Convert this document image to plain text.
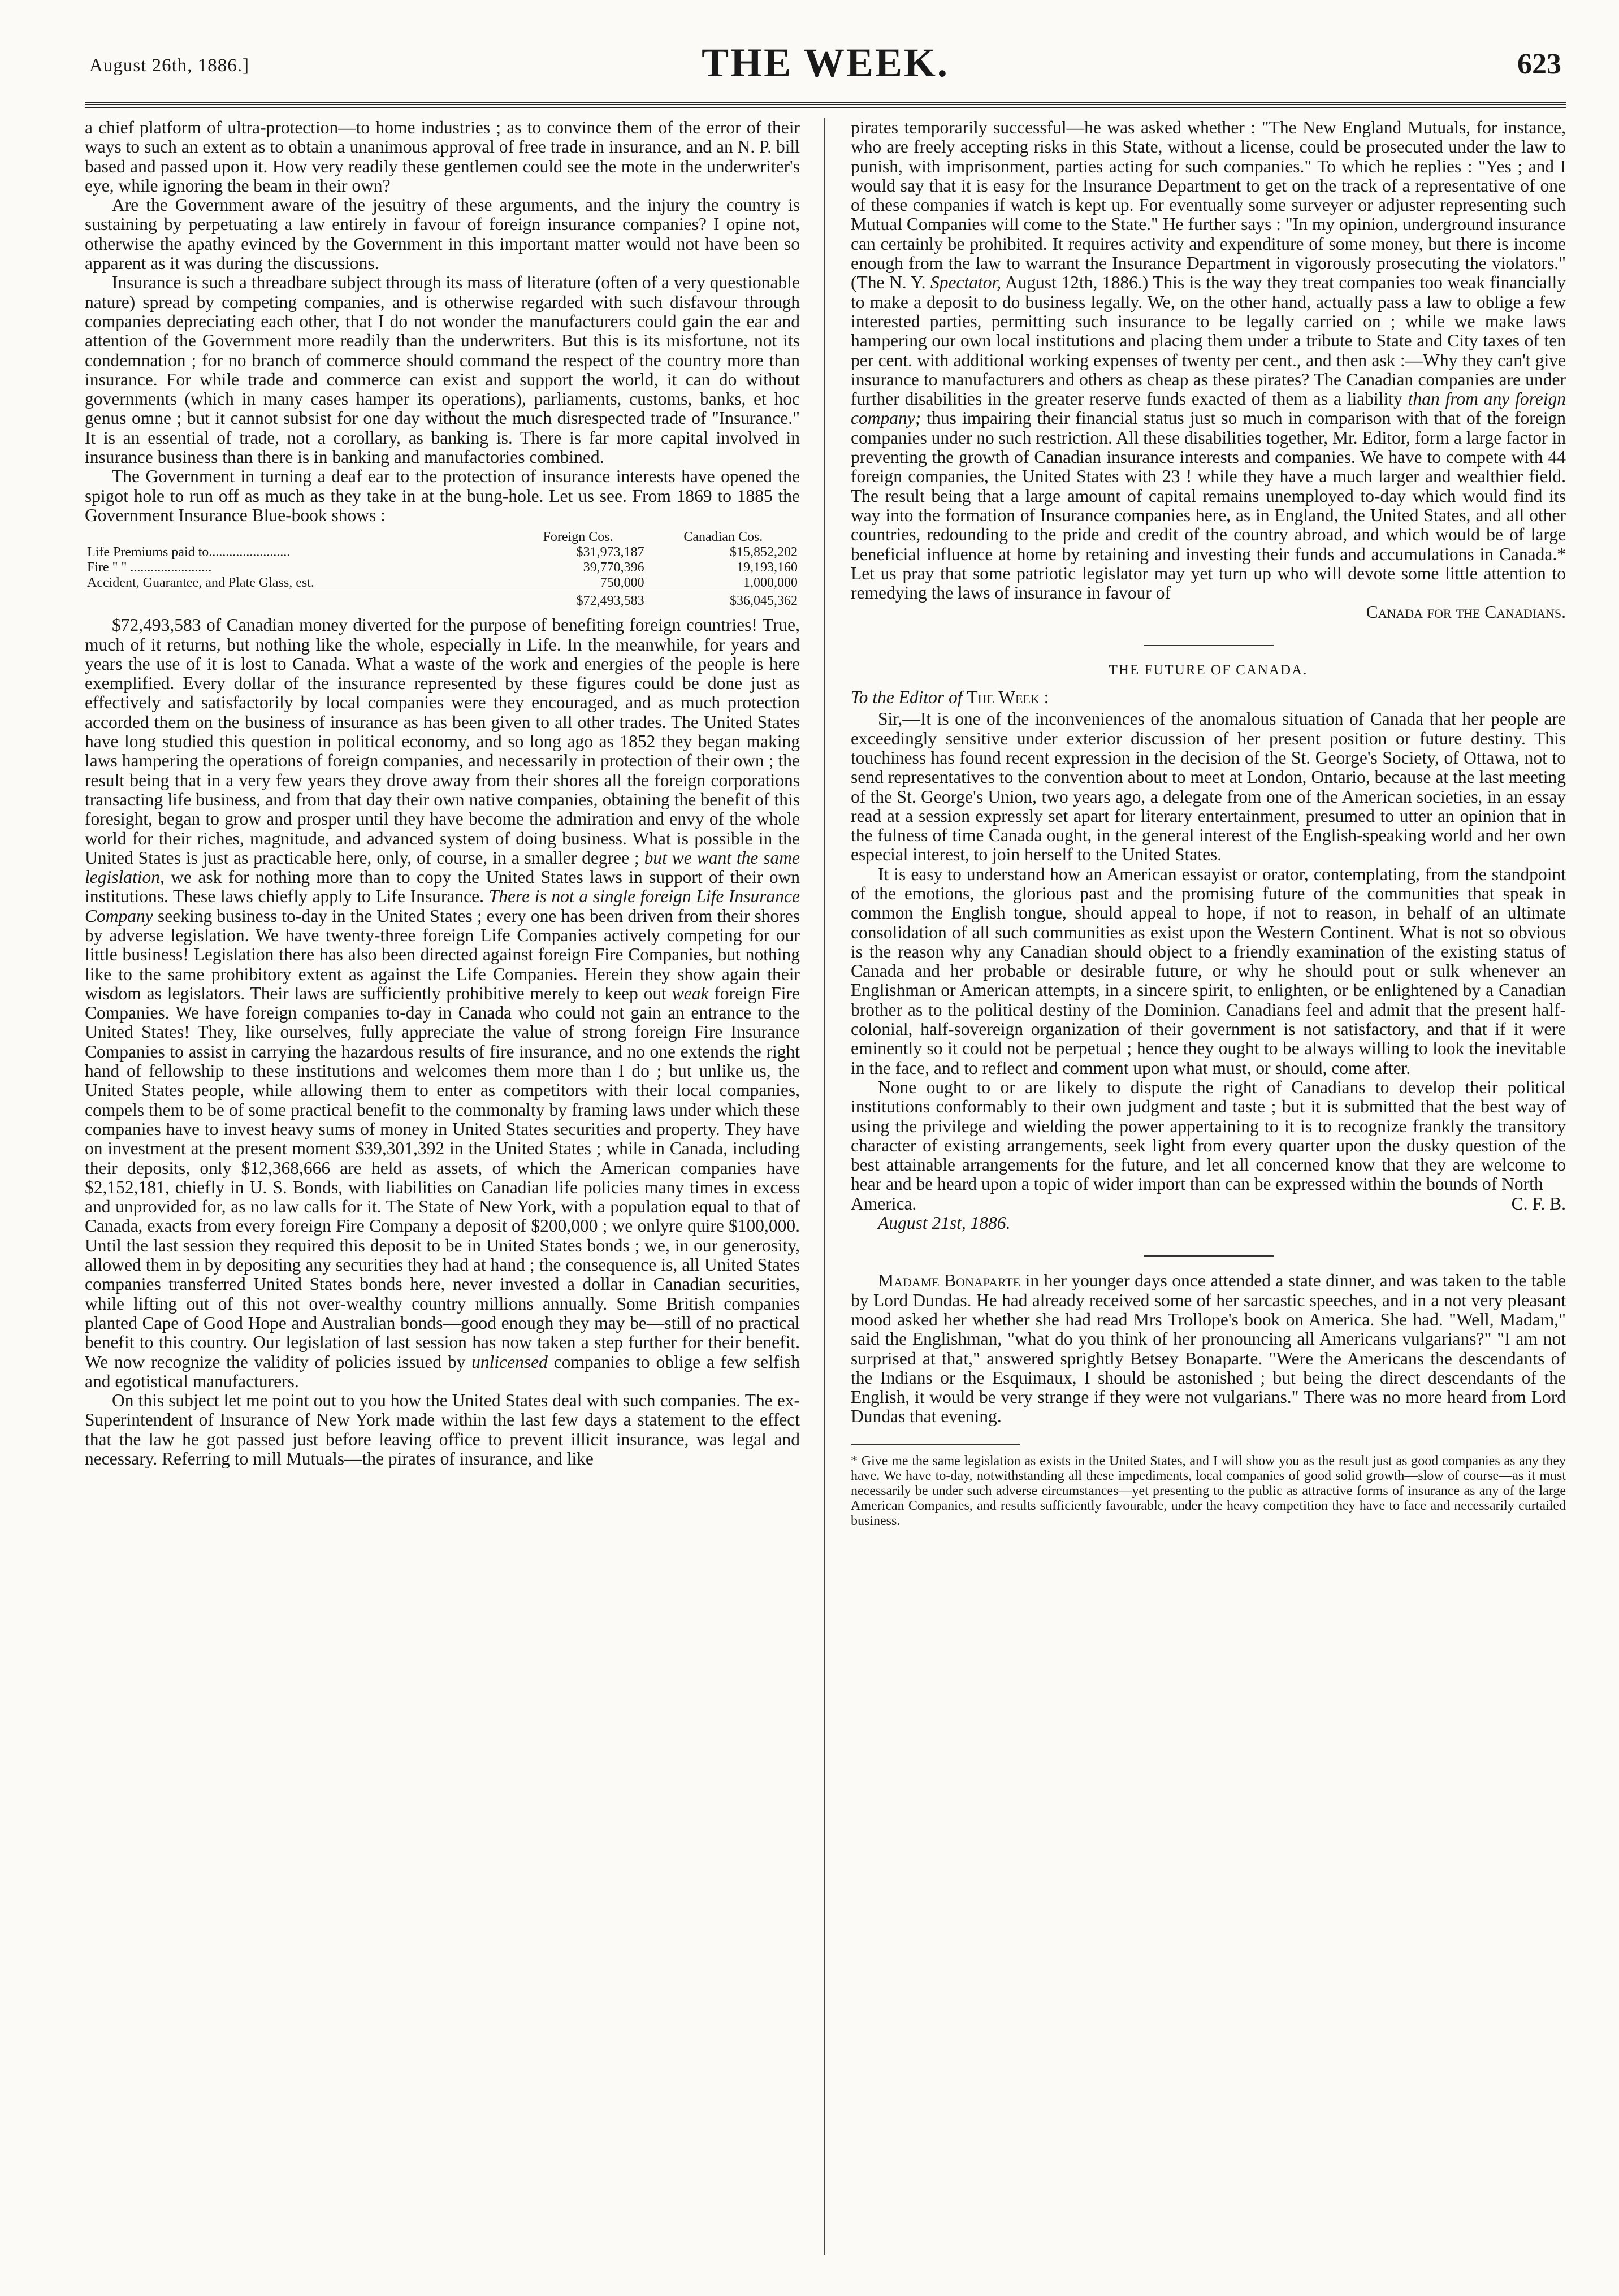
August 26th, 1886.]	THE WEEK.	623

a chief platform of ultra-protection—to home industries ; as to convince them of the error of their ways to such an extent as to obtain a unanimous approval of free trade in insurance, and an N. P. bill based and passed upon it. How very readily these gentlemen could see the mote in the underwriter's eye, while ignoring the beam in their own?

Are the Government aware of the jesuitry of these arguments, and the injury the country is sustaining by perpetuating a law entirely in favour of foreign insurance companies? I opine not, otherwise the apathy evinced by the Government in this important matter would not have been so apparent as it was during the discussions.

Insurance is such a threadbare subject through its mass of literature (often of a very questionable nature) spread by competing companies, and is otherwise regarded with such disfavour through companies depreciating each other, that I do not wonder the manufacturers could gain the ear and attention of the Government more readily than the underwriters. But this is its misfortune, not its condemnation ; for no branch of commerce should command the respect of the country more than insurance. For while trade and commerce can exist and support the world, it can do without governments (which in many cases hamper its operations), parliaments, customs, banks, et hoc genus omne ; but it cannot subsist for one day without the much disrespected trade of "Insurance." It is an essential of trade, not a corollary, as banking is. There is far more capital involved in insurance business than there is in banking and manufactories combined.

The Government in turning a deaf ear to the protection of insurance interests have opened the spigot hole to run off as much as they take in at the bung-hole. Let us see. From 1869 to 1885 the Government Insurance Blue-book shows :

	Foreign Cos.	Canadian Cos.
Life Premiums paid to........................	$31,973,187	$15,852,202
Fire " " ........................	39,770,396	19,193,160
Accident, Guarantee, and Plate Glass, est.	750,000	1,000,000
	$72,493,583	$36,045,362

$72,493,583 of Canadian money diverted for the purpose of benefiting foreign countries! True, much of it returns, but nothing like the whole, especially in Life. In the meanwhile, for years and years the use of it is lost to Canada. What a waste of the work and energies of the people is here exemplified. Every dollar of the insurance represented by these figures could be done just as effectively and satisfactorily by local companies were they encouraged, and as much protection accorded them on the business of insurance as has been given to all other trades. The United States have long studied this question in political economy, and so long ago as 1852 they began making laws hampering the operations of foreign companies, and necessarily in protection of their own ; the result being that in a very few years they drove away from their shores all the foreign corporations transacting life business, and from that day their own native companies, obtaining the benefit of this foresight, began to grow and prosper until they have become the admiration and envy of the whole world for their riches, magnitude, and advanced system of doing business. What is possible in the United States is just as practicable here, only, of course, in a smaller degree ; but we want the same legislation, we ask for nothing more than to copy the United States laws in support of their own institutions. These laws chiefly apply to Life Insurance. There is not a single foreign Life Insurance Company seeking business to-day in the United States ; every one has been driven from their shores by adverse legislation. We have twenty-three foreign Life Companies actively competing for our little business! Legislation there has also been directed against foreign Fire Companies, but nothing like to the same prohibitory extent as against the Life Companies. Herein they show again their wisdom as legislators. Their laws are sufficiently prohibitive merely to keep out weak foreign Fire Companies. We have foreign companies to-day in Canada who could not gain an entrance to the United States! They, like ourselves, fully appreciate the value of strong foreign Fire Insurance Companies to assist in carrying the hazardous results of fire insurance, and no one extends the right hand of fellowship to these institutions and welcomes them more than I do ; but unlike us, the United States people, while allowing them to enter as competitors with their local companies, compels them to be of some practical benefit to the commonalty by framing laws under which these companies have to invest heavy sums of money in United States securities and property. They have on investment at the present moment $39,301,392 in the United States ; while in Canada, including their deposits, only $12,368,666 are held as assets, of which the American companies have $2,152,181, chiefly in U. S. Bonds, with liabilities on Canadian life policies many times in excess and unprovided for, as no law calls for it. The State of New York, with a population equal to that of Canada, exacts from every foreign Fire Company a deposit of $200,000 ; we onlyre quire $100,000. Until the last session they required this deposit to be in United States bonds ; we, in our generosity, allowed them in by depositing any securities they had at hand ; the consequence is, all United States companies transferred United States bonds here, never invested a dollar in Canadian securities, while lifting out of this not over-wealthy country millions annually. Some British companies planted Cape of Good Hope and Australian bonds—good enough they may be—still of no practical benefit to this country. Our legislation of last session has now taken a step further for their benefit. We now recognize the validity of policies issued by unlicensed companies to oblige a few selfish and egotistical manufacturers.

On this subject let me point out to you how the United States deal with such companies. The ex-Superintendent of Insurance of New York made within the last few days a statement to the effect that the law he got passed just before leaving office to prevent illicit insurance, was legal and necessary. Referring to mill Mutuals—the pirates of insurance, and like

pirates temporarily successful—he was asked whether : "The New England Mutuals, for instance, who are freely accepting risks in this State, without a license, could be prosecuted under the law to punish, with imprisonment, parties acting for such companies." To which he replies : "Yes ; and I would say that it is easy for the Insurance Department to get on the track of a representative of one of these companies if watch is kept up. For eventually some surveyer or adjuster representing such Mutual Companies will come to the State." He further says : "In my opinion, underground insurance can certainly be prohibited. It requires activity and expenditure of some money, but there is income enough from the law to warrant the Insurance Department in vigorously prosecuting the violators." (The N. Y. Spectator, August 12th, 1886.) This is the way they treat companies too weak financially to make a deposit to do business legally. We, on the other hand, actually pass a law to oblige a few interested parties, permitting such insurance to be legally carried on ; while we make laws hampering our own local institutions and placing them under a tribute to State and City taxes of ten per cent. with additional working expenses of twenty per cent., and then ask :—Why they can't give insurance to manufacturers and others as cheap as these pirates? The Canadian companies are under further disabilities in the greater reserve funds exacted of them as a liability than from any foreign company; thus impairing their financial status just so much in comparison with that of the foreign companies under no such restriction. All these disabilities together, Mr. Editor, form a large factor in preventing the growth of Canadian insurance interests and companies. We have to compete with 44 foreign companies, the United States with 23 ! while they have a much larger and wealthier field. The result being that a large amount of capital remains unemployed to-day which would find its way into the formation of Insurance companies here, as in England, the United States, and all other countries, redounding to the pride and credit of the country abroad, and which would be of large beneficial influence at home by retaining and investing their funds and accumulations in Canada.* Let us pray that some patriotic legislator may yet turn up who will devote some little attention to remedying the laws of insurance in favour of

Canada for the Canadians.
THE FUTURE OF CANADA.
To the Editor of The Week :

Sir,—It is one of the inconveniences of the anomalous situation of Canada that her people are exceedingly sensitive under exterior discussion of her present position or future destiny. This touchiness has found recent expression in the decision of the St. George's Society, of Ottawa, not to send representatives to the convention about to meet at London, Ontario, because at the last meeting of the St. George's Union, two years ago, a delegate from one of the American societies, in an essay read at a session expressly set apart for literary entertainment, presumed to utter an opinion that in the fulness of time Canada ought, in the general interest of the English-speaking world and her own especial interest, to join herself to the United States.

It is easy to understand how an American essayist or orator, contemplating, from the standpoint of the emotions, the glorious past and the promising future of the communities that speak in common the English tongue, should appeal to hope, if not to reason, in behalf of an ultimate consolidation of all such communities as exist upon the Western Continent. What is not so obvious is the reason why any Canadian should object to a friendly examination of the existing status of Canada and her probable or desirable future, or why he should pout or sulk whenever an Englishman or American attempts, in a sincere spirit, to enlighten, or be enlightened by a Canadian brother as to the political destiny of the Dominion. Canadians feel and admit that the present half-colonial, half-sovereign organization of their government is not satisfactory, and that if it were eminently so it could not be perpetual ; hence they ought to be always willing to look the inevitable in the face, and to reflect and comment upon what must, or should, come after.

None ought to or are likely to dispute the right of Canadians to develop their political institutions conformably to their own judgment and taste ; but it is submitted that the best way of using the privilege and wielding the power appertaining to it is to recognize frankly the transitory character of existing arrangements, seek light from every quarter upon the dusky question of the best attainable arrangements for the future, and let all concerned know that they are welcome to hear and be heard upon a topic of wider import than can be expressed within the bounds of North

America.	C. F. B.
August 21st, 1886.

Madame Bonaparte in her younger days once attended a state dinner, and was taken to the table by Lord Dundas. He had already received some of her sarcastic speeches, and in a not very pleasant mood asked her whether she had read Mrs Trollope's book on America. She had. "Well, Madam," said the Englishman, "what do you think of her pronouncing all Americans vulgarians?" "I am not surprised at that," answered sprightly Betsey Bonaparte. "Were the Americans the descendants of the Indians or the Esquimaux, I should be astonished ; but being the direct descendants of the English, it would be very strange if they were not vulgarians." There was no more heard from Lord Dundas that evening.

* Give me the same legislation as exists in the United States, and I will show you as the result just as good companies as any they have. We have to-day, notwithstanding all these impediments, local companies of good solid growth—slow of course—as it must necessarily be under such adverse circumstances—yet presenting to the public as attractive forms of insurance as any of the large American Companies, and results sufficiently favourable, under the heavy competition they have to face and necessarily curtailed business.
